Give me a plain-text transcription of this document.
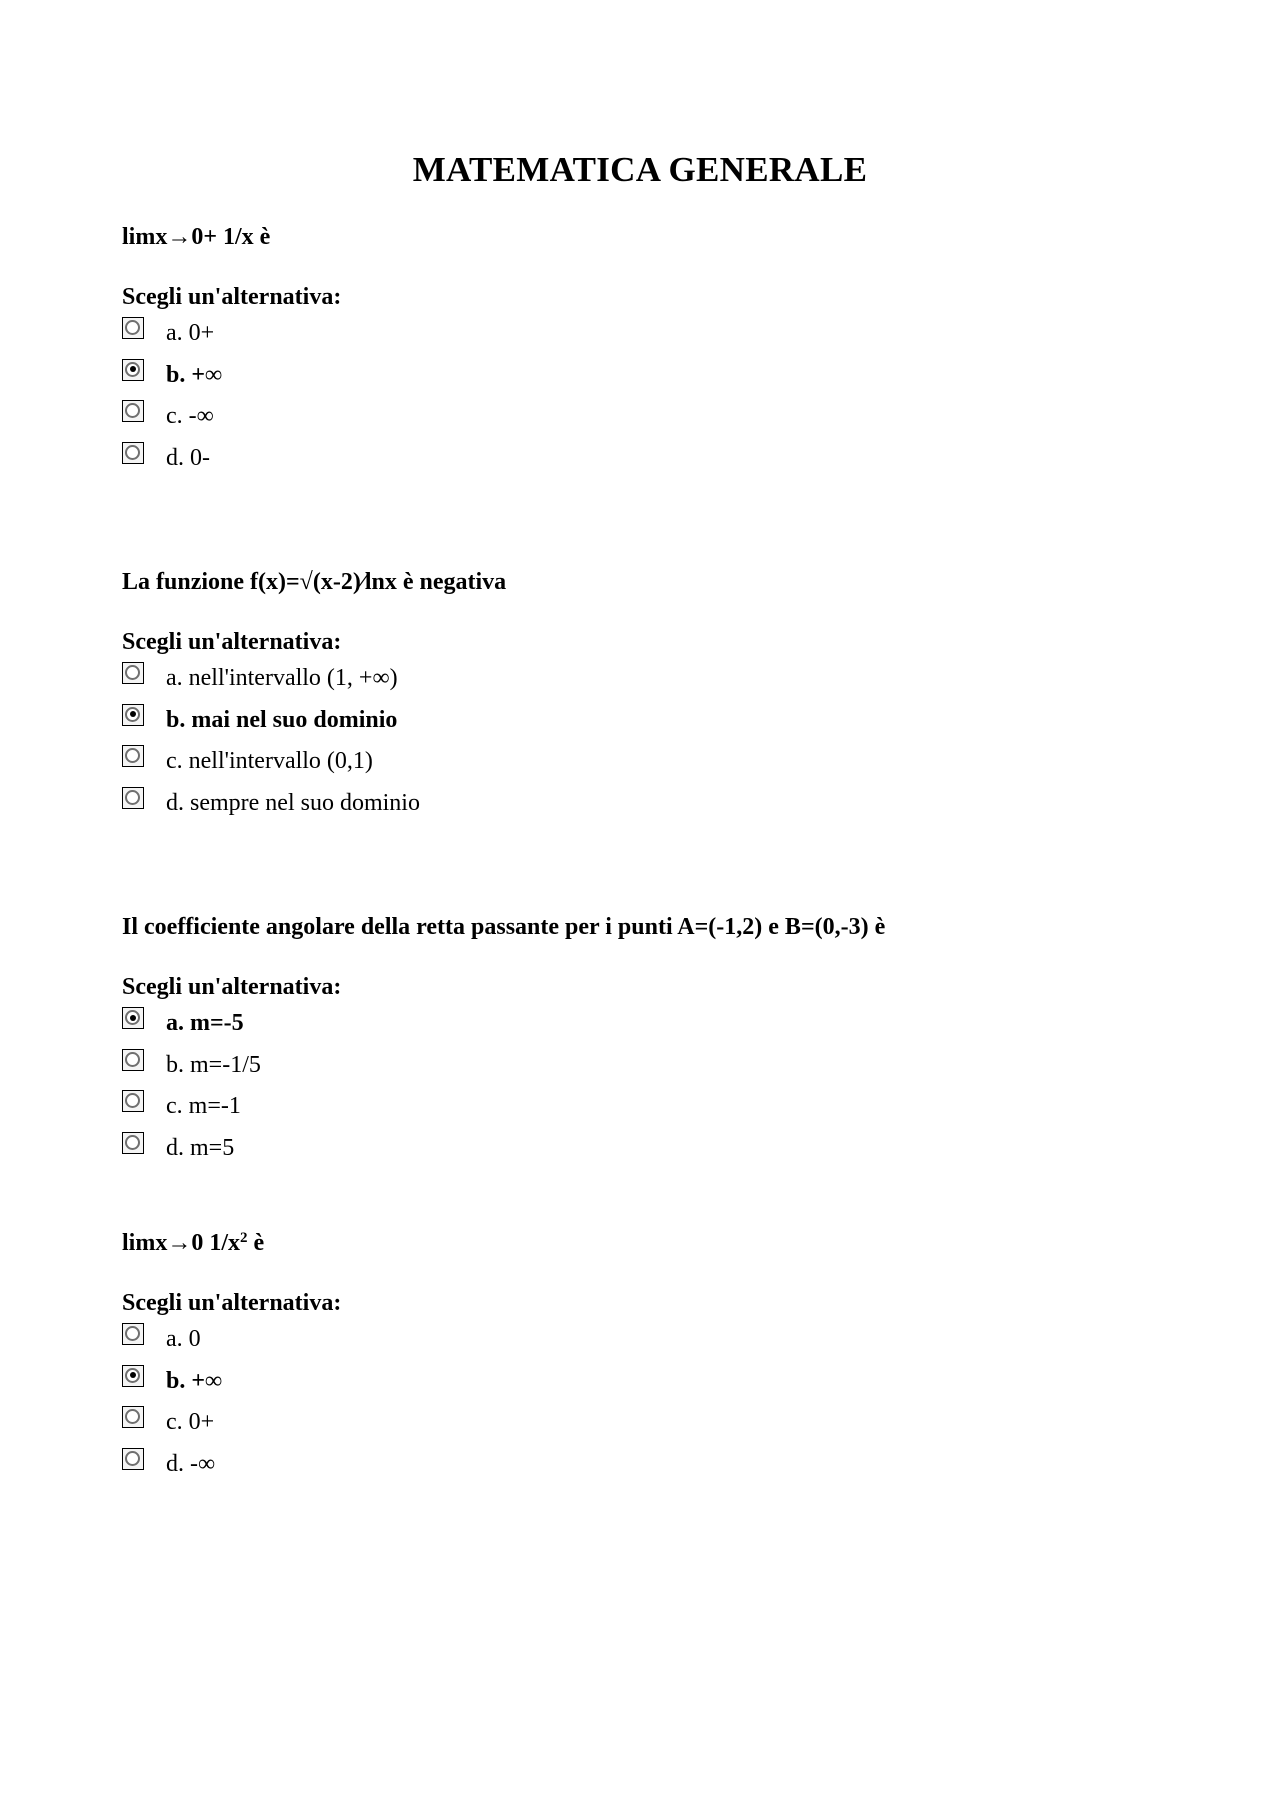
MATEMATICA GENERALE
limx→0+ 1/x è
Scegli un'alternativa:
a. 0+
b. +∞
c. -∞
d. 0-
La funzione f(x)=√(x-2)∕lnx è negativa
Scegli un'alternativa:
a. nell'intervallo (1, +∞)
b. mai nel suo dominio
c. nell'intervallo (0,1)
d. sempre nel suo dominio
Il coefficiente angolare della retta passante per i punti A=(-1,2) e B=(0,-3) è
Scegli un'alternativa:
a. m=-5
b. m=-1/5
c. m=-1
d. m=5
limx→0 $1/x^2$ è
Scegli un'alternativa:
a. 0
b. +∞
c. 0+
d. -∞
